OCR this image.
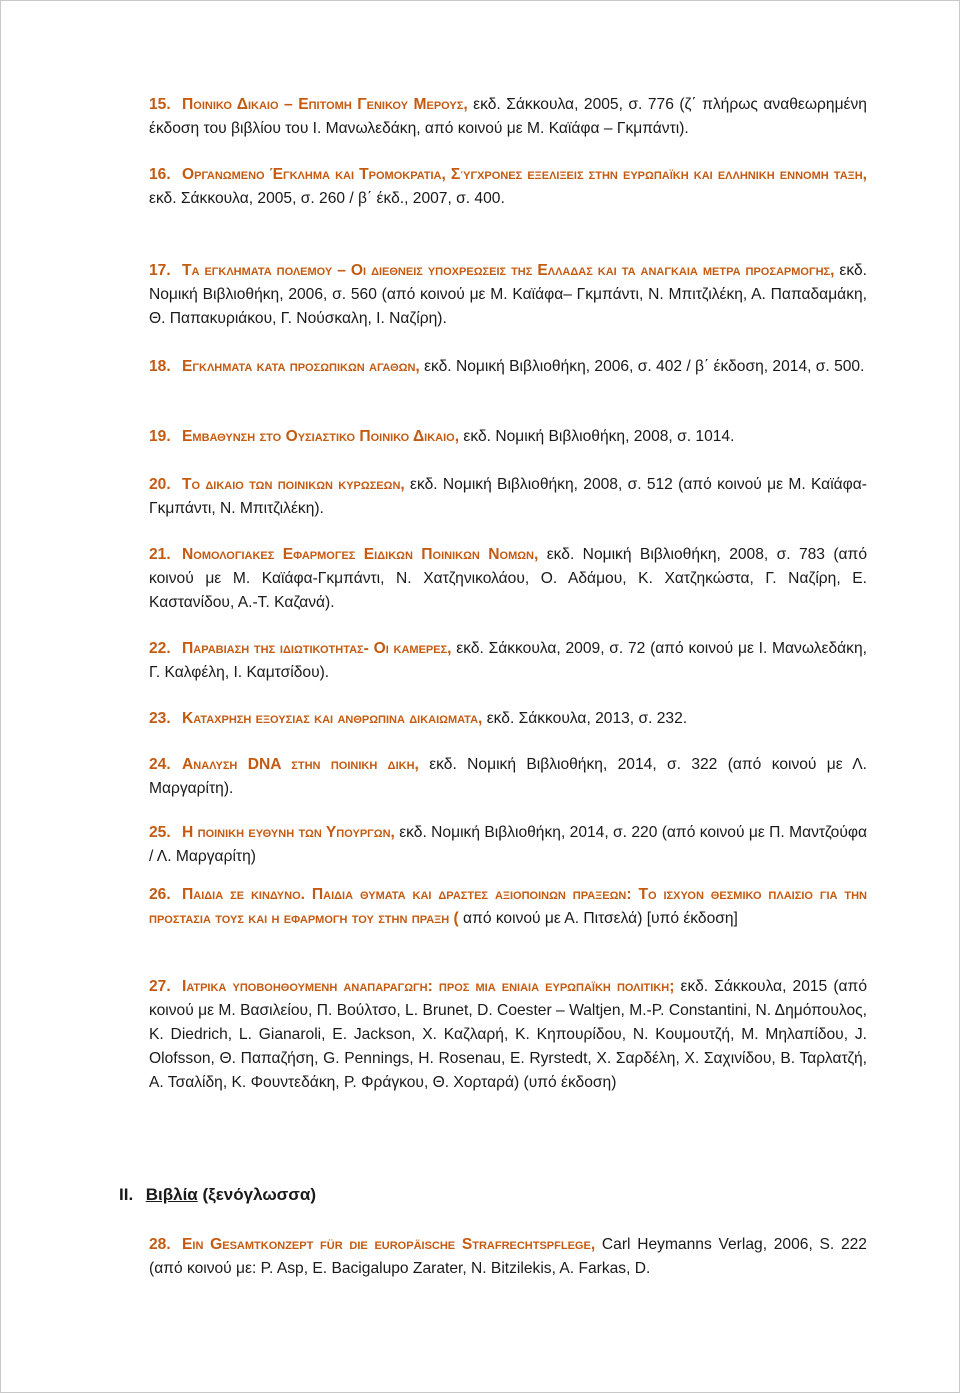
15. Ποινικο Δικαιο – Επιτομη Γενικου Μερους, εκδ. Σάκκουλα, 2005, σ. 776 (ζ΄ πλήρως αναθεωρημένη έκδοση του βιβλίου του Ι. Μανωλεδάκη, από κοινού με Μ. Καϊάφα – Γκμπάντι).
16. Οργανωμενο Έγκλημα και Τρομοκρατια, Σύγχρονες εξελιξεις στην ευρωπαϊκη και ελληνικη εννομη ταξη, εκδ. Σάκκουλα, 2005, σ. 260 / β΄ έκδ., 2007, σ. 400.
17. Τα εγκληματα πολεμου – Οι διεθνεις υποχρεωσεις της Ελλαδας και τα αναγκαια μετρα προσαρμογης, εκδ. Νομική Βιβλιοθήκη, 2006, σ. 560 (από κοινού με Μ. Καϊάφα– Γκμπάντι, Ν. Μπιτζιλέκη, Α. Παπαδαμάκη, Θ. Παπακυριάκου, Γ. Νούσκαλη, Ι. Ναζίρη).
18. Εγκληματα κατα προσωπικων αγαθων, εκδ. Νομική Βιβλιοθήκη, 2006, σ. 402 / β΄ έκδοση, 2014, σ. 500.
19. Εμβαθυνση στο Ουσιαστικο Ποινικο Δικαιο, εκδ. Νομική Βιβλιοθήκη, 2008, σ. 1014.
20. Το δικαιο των ποινικων κυρωσεων, εκδ. Νομική Βιβλιοθήκη, 2008, σ. 512 (από κοινού με Μ. Καϊάφα-Γκμπάντι, Ν. Μπιτζιλέκη).
21. Νομολογιακες Εφαρμογες Ειδικων Ποινικων Νομων, εκδ. Νομική Βιβλιοθήκη, 2008, σ. 783 (από κοινού με Μ. Καϊάφα-Γκμπάντι, Ν. Χατζηνικολάου, Ο. Αδάμου, Κ. Χατζηκώστα, Γ. Ναζίρη, Ε. Καστανίδου, Α.-Τ. Καζανά).
22. Παραβιαση της ιδιωτικοτητας- Οι καμερες, εκδ. Σάκκουλα, 2009, σ. 72 (από κοινού με Ι. Μανωλεδάκη, Γ. Καλφέλη, Ι. Καμτσίδου).
23. Καταχρηση εξουσιας και ανθρωπινα δικαιωματα, εκδ. Σάκκουλα, 2013, σ. 232.
24. Αναλυση DNA στην ποινικη δικη, εκδ. Νομική Βιβλιοθήκη, 2014, σ. 322 (από κοινού με Λ. Μαργαρίτη).
25. Η ποινικη ευθυνη των Υπουργων, εκδ. Νομική Βιβλιοθήκη, 2014, σ. 220 (από κοινού με Π. Μαντζούφα / Λ. Μαργαρίτη)
26. Παιδια σε κινδυνο. Παιδια θυματα και δραστες αξιοποινων πραξεων: Το ισχυον θεσμικο πλαισιο για την προστασια τους και η εφαρμογη του στην πραξη ( από κοινού με Α. Πιτσελά) [υπό έκδοση]
27. Ιατρικα υποβοηθουμενη αναπαραγωγη: προς μια ενιαια ευρωπαϊκη πολιτικη; εκδ. Σάκκουλα, 2015 (από κοινού με Μ. Βασιλείου, Π. Βούλτσο, L. Brunet, D. Coester – Waltjen, M.-P. Constantini, Ν. Δημόπουλος, K. Diedrich, L. Gianaroli, E. Jackson, Χ. Καζλαρή, Κ. Κηπουρίδου, Ν. Κουμουτζή, Μ. Μηλαπίδου, J. Olofsson, Θ. Παπαζήση, G. Pennings, H. Rosenau, E. Ryrstedt, Χ. Σαρδέλη, Χ. Σαχινίδου, Β. Ταρλατζή, Α. Τσαλίδη, Κ. Φουντεδάκη, Ρ. Φράγκου, Θ. Χορταρά) (υπό έκδοση)
II. Βιβλία (ξενόγλωσσα)
28. Ein Gesamtkonzept für die europäische Strafrechtspflege, Carl Heymanns Verlag, 2006, S. 222 (από κοινού με: P. Asp, E. Bacigalupo Zarater, N. Bitzilekis, A. Farkas, D.
